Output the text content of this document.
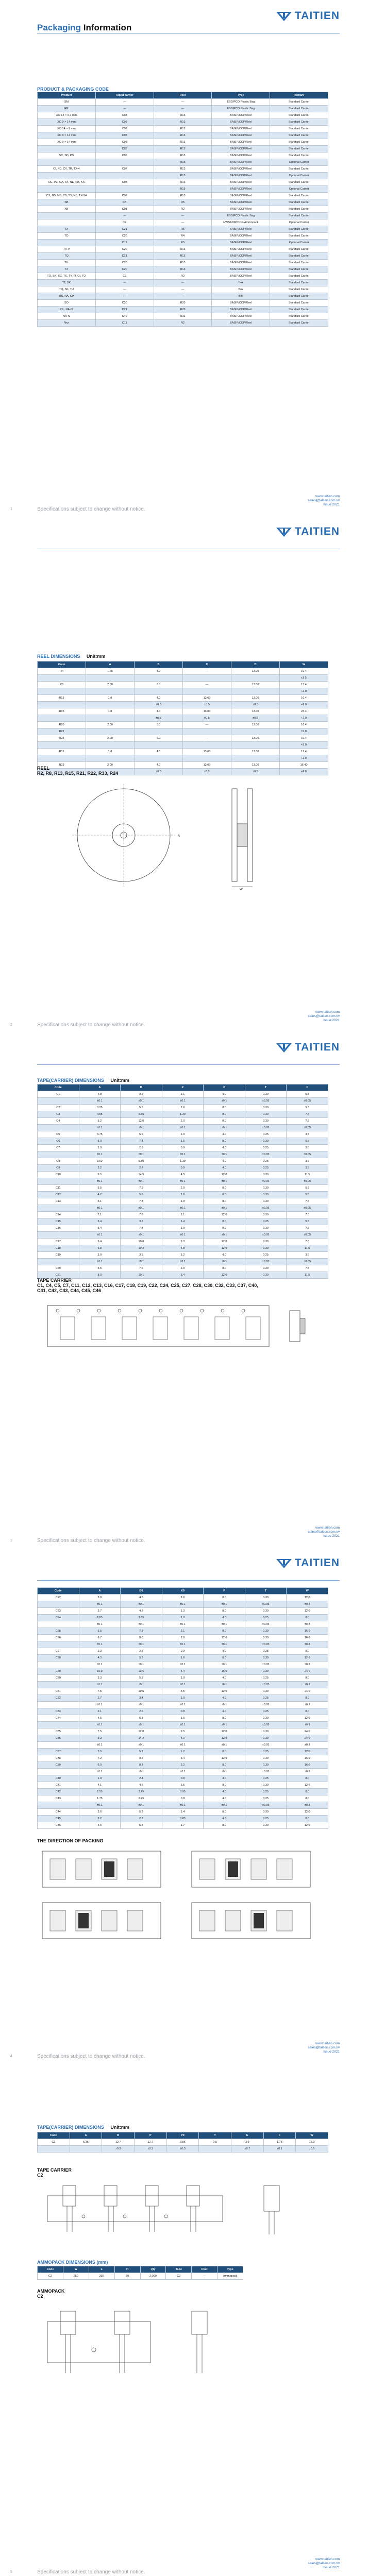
Packaging Information
TAITIEN
PRODUCT & PACKAGING CODE
Product	Taped carrier	Reel	Type	Remark
SM	—	—	ESD/PCO Plastic Bag	Standard Carrier
RP	—	—	ESD/PCO Plastic Bag	Standard Carrier
XO 14 × 9.7 mm	C08	R13	BASIP/COP/Reel	Standard Carrier
XO 9 × 14 mm	C08	R13	BASIP/COP/Reel	Standard Carrier
XO 14 × 9 mm	C08	R13	BASIP/COP/Reel	Standard Carrier
XO 9 × 14 mm	C08	R13	BASIP/COP/Reel	Standard Carrier
XO 9 × 14 mm	C08	R13	BASIP/COP/Reel	Standard Carrier
	C05	R13	BASIP/COP/Reel	Standard Carrier
SC, SD, PS	C05	R13	BASIP/COP/Reel	Standard Carrier
		R15	BASIP/COP/Reel	Optional Carrier
CI, PD, CV, TR, TX-4	C07	R13	BASIP/COP/Reel	Standard Carrier
		R15	BASIP/COP/Reel	Optional Carrier
OE, PE, OA, TA, NE, NB, KA	C03	R13	BASIP/COP/Reel	Standard Carrier
		R15	BASIP/COP/Reel	Optional Carrier
CS, NS, MS, TB, TS, NB, TX-24	C03	R13	BASIP/COP/Reel	Standard Carrier
SB	C3	R5	BASIP/COP/Reel	Standard Carrier
XB	C01	R2	BASIP/COP/Reel	Standard Carrier
	—	—	ESD/PCO Plastic Bag	Standard Carrier
	C2	—	HWSADIP/COP/Ammopack	Optional Carrier
TX	C21	R5	BASIP/COP/Reel	Standard Carrier
TD	C20	R4	BASIP/COP/Reel	Standard Carrier
	C11	R5	BASIP/COP/Reel	Optional Carrier
TX-P	C20	R13	BASIP/COP/Reel	Standard Carrier
TQ	C21	R13	BASIP/COP/Reel	Standard Carrier
TK	C20	R13	BASIP/COP/Reel	Standard Carrier
TX	C20	R13	BASIP/COP/Reel	Standard Carrier
TO, SK, SC, TS, TY, TI, OI, TO	C3	R2	BASIP/COP/Reel	Standard Carrier
TT, SK	—	—	Box	Standard Carrier
TQ, SK, TU	—	—	Box	Standard Carrier
HS, NA, KP	—	—	Box	Standard Carrier
SO	C20	R20	BASIP/COP/Reel	Standard Carrier
OL, NA-N	C21	R20	BASIP/COP/Reel	Standard Carrier
NA-N	C40	R31	BASIP/COP/Reel	Standard Carrier
Nxx	C11	R2	BASIP/COP/Reel	Standard Carrier
www.taitien.com
sales@taitien.com.tw
Issue 2021
1	Specifications subject to change without notice.
TAITIEN
REEL DIMENSIONS Unit:mm
Code	A	B	C	D	W
R4	1.66	4.0	—	13.00	16.4
					±1.5
R8	2.00	6.0	—	13.00	13.4
					+2.0
R13	1.8	4.0	13.00	13.00	16.4
		±0.5	±0.5	±0.5	+2.0
R15	1.8	4.0	13.00	13.00	24.4
		±0.5	±0.5	±0.5	+2.0
R20	2.00	5.0	—	13.00	16.4
R22					±2.0
R25	2.00	6.0	—	13.00	16.4
					+2.0
R31	1.8	4.0	13.00	13.00	12.4
					+2.0
R33	2.00	4.0	13.00	13.00	16.40
		±0.5	±0.5	±0.5	+2.0
REEL
R2, R8, R13, R15, R21, R22, R33, R24
W
A
www.taitien.com
sales@taitien.com.tw
Issue 2021
2	Specifications subject to change without notice.
TAITIEN
TAPE(CARRIER) DIMENSIONS Unit:mm
Code	A	B	K	P	T	F
C1	4.8	9.2	1.1	4.0	0.30	5.5
	±0.1	±0.1	±0.1	±0.1	±0.05	±0.05
C2	3.25	5.6	2.6	8.0	0.30	5.5
C3	4.85	9.35	1.30	8.0	0.30	7.5
C4	5.2	12.0	2.0	8.0	0.30	7.5
	±0.1	±0.1	±0.1	±0.1	±0.05	±0.05
C5	3.75	5.9	1.0	4.0	0.25	3.5
C6	5.0	7.4	1.5	8.0	0.30	5.5
C7	1.9	2.6	0.9	4.0	0.25	3.5
	±0.1	±0.1	±0.1	±0.1	±0.05	±0.05
C8	3.60	5.80	1.30	4.0	0.25	3.5
C9	2.2	2.7	0.9	4.0	0.25	3.5
C10	9.5	14.5	4.5	12.0	0.30	11.5
	±0.1	±0.1	±0.1	±0.1	±0.05	±0.05
C11	5.5	7.5	2.0	8.0	0.30	5.5
C12	4.2	5.6	1.6	8.0	0.30	5.5
C13	5.1	7.3	1.9	8.0	0.30	7.5
	±0.1	±0.1	±0.1	±0.1	±0.05	±0.05
C14	7.1	7.6	2.1	12.0	0.30	7.5
C15	3.4	3.8	1.4	8.0	0.25	5.5
C16	5.4	7.4	1.9	8.0	0.30	7.5
	±0.1	±0.1	±0.1	±0.1	±0.05	±0.05
C17	6.4	10.8	2.3	12.0	0.30	7.5
C18	6.8	10.2	4.8	12.0	0.30	11.5
C19	3.0	3.5	1.2	4.0	0.25	3.5
	±0.1	±0.1	±0.1	±0.1	±0.05	±0.05
C20	5.5	7.5	2.0	8.0	0.30	7.5
C21	8.0	10.1	3.4	12.0	0.30	11.5
TAPE CARRIER
C1, C4, C5, C7, C11, C12, C13, C16, C17, C18, C19, C22, C24, C25, C27, C28, C30, C32, C33, C37, C40, C41, C42, C43, C44, C45, C46
www.taitien.com
sales@taitien.com.tw
Issue 2021
3	Specifications subject to change without notice.
TAITIEN
Code	A	B0	K0	P	T	W
C22	3.9	4.5	1.6	8.0	0.30	12.0
	±0.1	±0.1	±0.1	±0.1	±0.05	±0.3
C23	3.7	4.2	1.3	8.0	0.30	12.0
C24	2.85	3.55	1.0	4.0	0.25	8.0
	±0.1	±0.1	±0.1	±0.1	±0.05	±0.3
C25	5.5	7.3	2.1	8.0	0.30	16.0
C26	6.7	9.0	2.0	12.0	0.30	16.0
	±0.1	±0.1	±0.1	±0.1	±0.05	±0.3
C27	2.3	2.8	0.9	4.0	0.25	8.0
C28	4.3	5.9	1.6	8.0	0.30	12.0
	±0.1	±0.1	±0.1	±0.1	±0.05	±0.3
C29	10.9	13.6	4.4	16.0	0.30	24.0
C30	3.3	5.5	1.0	4.0	0.25	8.0
	±0.1	±0.1	±0.1	±0.1	±0.05	±0.3
C31	7.5	10.5	5.5	12.0	0.30	24.0
C32	2.7	3.4	1.0	4.0	0.25	8.0
	±0.1	±0.1	±0.1	±0.1	±0.05	±0.3
C33	2.1	2.6	0.8	4.0	0.25	8.0
C34	4.5	6.3	1.5	8.0	0.30	12.0
	±0.1	±0.1	±0.1	±0.1	±0.05	±0.3
C35	7.5	12.0	2.5	12.0	0.30	24.0
C36	9.2	14.2	4.0	12.0	0.30	24.0
	±0.1	±0.1	±0.1	±0.1	±0.05	±0.3
C37	3.5	5.2	1.2	8.0	0.25	12.0
C38	7.2	9.8	3.4	12.0	0.30	16.0
C39	6.0	8.3	2.2	8.0	0.30	16.0
	±0.1	±0.1	±0.1	±0.1	±0.05	±0.3
C40	1.9	2.4	0.8	4.0	0.25	8.0
C41	4.1	4.6	1.5	8.0	0.30	12.0
C42	2.55	3.25	0.95	4.0	0.25	8.0
C43	1.75	2.25	0.8	4.0	0.25	8.0
	±0.1	±0.1	±0.1	±0.1	±0.05	±0.3
C44	3.6	5.3	1.4	8.0	0.30	12.0
C45	2.2	2.7	0.85	4.0	0.25	8.0
C46	4.6	5.8	1.7	8.0	0.30	12.0
THE DIRECTION OF PACKING
www.taitien.com
sales@taitien.com.tw
Issue 2021
4	Specifications subject to change without notice.
TAPE(CARRIER) DIMENSIONS Unit:mm
Code	A	B	P	P0	T	E	F	W
C2	6.35	12.7	12.7	3.85	0.5	3.9	1.75	18.0
		±0.3	±0.3	±0.3		±0.7	±0.1	±0.5
TAPE CARRIER
C2
AMMOPACK DIMENSIONS (mm)
Code	W	L	H	Qty	Tape	Reel	Type
C2	250	335	50	2,000	C2	—	Ammopack
AMMOPACK
C2
www.taitien.com
sales@taitien.com.tw
Issue 2021
5	Specifications subject to change without notice.
